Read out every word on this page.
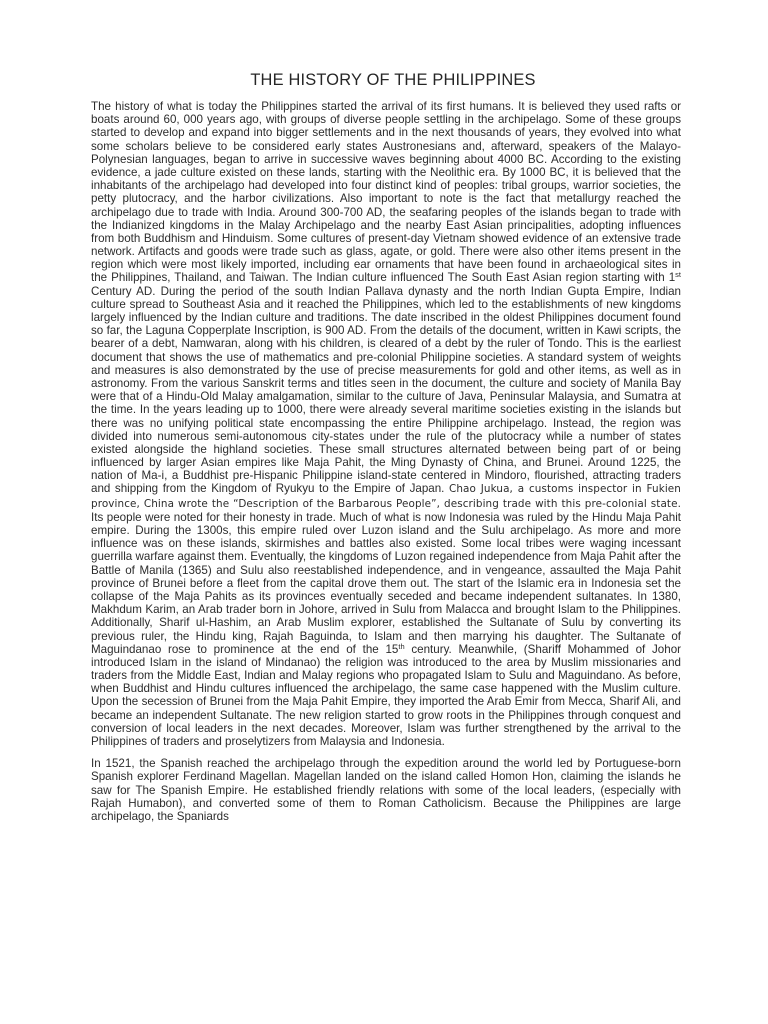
THE HISTORY OF THE PHILIPPINES

The history of what is today the Philippines started the arrival of its first humans. It is believed they used rafts or boats around 60, 000 years ago, with groups of diverse people settling in the archipelago. Some of these groups started to develop and expand into bigger settlements and in the next thousands of years, they evolved into what some scholars believe to be considered early states Austronesians and, afterward, speakers of the Malayo-Polynesian languages, began to arrive in successive waves beginning about 4000 BC. According to the existing evidence, a jade culture existed on these lands, starting with the Neolithic era. By 1000 BC, it is believed that the inhabitants of the archipelago had developed into four distinct kind of peoples: tribal groups, warrior societies, the petty plutocracy, and the harbor civilizations. Also important to note is the fact that metallurgy reached the archipelago due to trade with India. Around 300-700 AD, the seafaring peoples of the islands began to trade with the Indianized kingdoms in the Malay Archipelago and the nearby East Asian principalities, adopting influences from both Buddhism and Hinduism. Some cultures of present-day Vietnam showed evidence of an extensive trade network. Artifacts and goods were trade such as glass, agate, or gold. There were also other items present in the region which were most likely imported, including ear ornaments that have been found in archaeological sites in the Philippines, Thailand, and Taiwan. The Indian culture influenced The South East Asian region starting with 1st Century AD. During the period of the south Indian Pallava dynasty and the north Indian Gupta Empire, Indian culture spread to Southeast Asia and it reached the Philippines, which led to the establishments of new kingdoms largely influenced by the Indian culture and traditions. The date inscribed in the oldest Philippines document found so far, the Laguna Copperplate Inscription, is 900 AD. From the details of the document, written in Kawi scripts, the bearer of a debt, Namwaran, along with his children, is cleared of a debt by the ruler of Tondo. This is the earliest document that shows the use of mathematics and pre-colonial Philippine societies. A standard system of weights and measures is also demonstrated by the use of precise measurements for gold and other items, as well as in astronomy. From the various Sanskrit terms and titles seen in the document, the culture and society of Manila Bay were that of a Hindu-Old Malay amalgamation, similar to the culture of Java, Peninsular Malaysia, and Sumatra at the time. In the years leading up to 1000, there were already several maritime societies existing in the islands but there was no unifying political state encompassing the entire Philippine archipelago. Instead, the region was divided into numerous semi-autonomous city-states under the rule of the plutocracy while a number of states existed alongside the highland societies. These small structures alternated between being part of or being influenced by larger Asian empires like Maja Pahit, the Ming Dynasty of China, and Brunei. Around 1225, the nation of Ma-i, a Buddhist pre-Hispanic Philippine island-state centered in Mindoro, flourished, attracting traders and shipping from the Kingdom of Ryukyu to the Empire of Japan. Chao Jukua, a customs inspector in Fukien province, China wrote the “Description of the Barbarous People”, describing trade with this pre-colonial state. Its people were noted for their honesty in trade. Much of what is now Indonesia was ruled by the Hindu Maja Pahit empire. During the 1300s, this empire ruled over Luzon island and the Sulu archipelago. As more and more influence was on these islands, skirmishes and battles also existed. Some local tribes were waging incessant guerrilla warfare against them. Eventually, the kingdoms of Luzon regained independence from Maja Pahit after the Battle of Manila (1365) and Sulu also reestablished independence, and in vengeance, assaulted the Maja Pahit province of Brunei before a fleet from the capital drove them out. The start of the Islamic era in Indonesia set the collapse of the Maja Pahits as its provinces eventually seceded and became independent sultanates. In 1380, Makhdum Karim, an Arab trader born in Johore, arrived in Sulu from Malacca and brought Islam to the Philippines. Additionally, Sharif ul-Hashim, an Arab Muslim explorer, established the Sultanate of Sulu by converting its previous ruler, the Hindu king, Rajah Baguinda, to Islam and then marrying his daughter. The Sultanate of Maguindanao rose to prominence at the end of the 15th century. Meanwhile, (Shariff Mohammed of Johor introduced Islam in the island of Mindanao) the religion was introduced to the area by Muslim missionaries and traders from the Middle East, Indian and Malay regions who propagated Islam to Sulu and Maguindano. As before, when Buddhist and Hindu cultures influenced the archipelago, the same case happened with the Muslim culture. Upon the secession of Brunei from the Maja Pahit Empire, they imported the Arab Emir from Mecca, Sharif Ali, and became an independent Sultanate. The new religion started to grow roots in the Philippines through conquest and conversion of local leaders in the next decades. Moreover, Islam was further strengthened by the arrival to the Philippines of traders and proselytizers from Malaysia and Indonesia.

In 1521, the Spanish reached the archipelago through the expedition around the world led by Portuguese-born Spanish explorer Ferdinand Magellan. Magellan landed on the island called Homon Hon, claiming the islands he saw for The Spanish Empire. He established friendly relations with some of the local leaders, (especially with Rajah Humabon), and converted some of them to Roman Catholicism. Because the Philippines are large archipelago, the Spaniards
